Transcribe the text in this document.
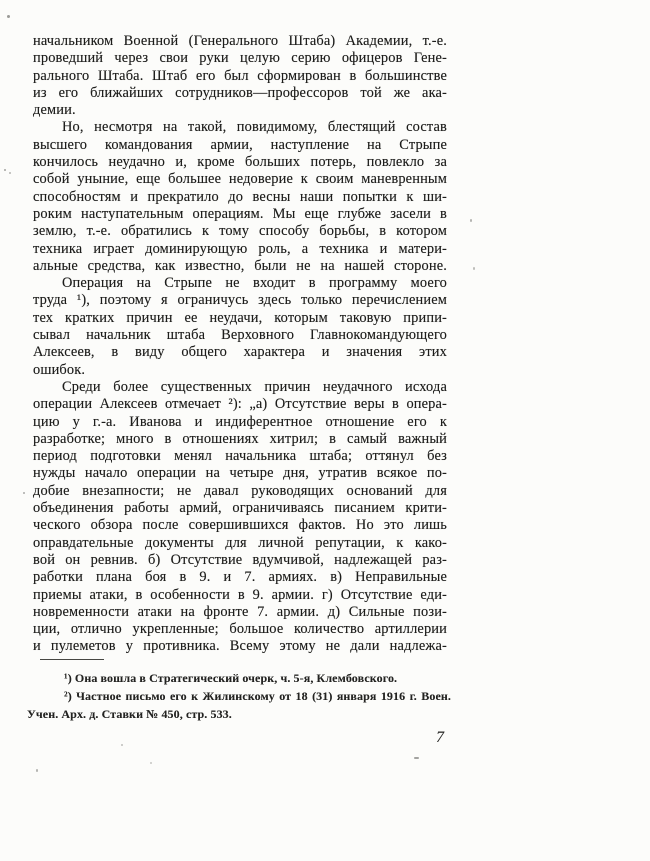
начальником Военной (Генерального Штаба) Академии, т.-е.
проведший через свои руки целую серию офицеров Гене-
рального Штаба. Штаб его был сформирован в большинстве
из его ближайших сотрудников—профессоров той же ака-
демии.
Но, несмотря на такой, повидимому, блестящий состав
высшего командования армии, наступление на Стрыпе
кончилось неудачно и, кроме больших потерь, повлекло за
собой уныние, еще большее недоверие к своим маневренным
способностям и прекратило до весны наши попытки к ши-
роким наступательным операциям. Мы еще глубже засели в
землю, т.-е. обратились к тому способу борьбы, в котором
техника играет доминирующую роль, а техника и матери-
альные средства, как известно, были не на нашей стороне.
Операция на Стрыпе не входит в программу моего
труда ¹), поэтому я ограничусь здесь только перечислением
тех кратких причин ее неудачи, которым таковую припи-
сывал начальник штаба Верховного Главнокомандующего
Алексеев, в виду общего характера и значения этих
ошибок.
Среди более существенных причин неудачного исхода
операции Алексеев отмечает ²): „а) Отсутствие веры в опера-
цию у г.-а. Иванова и индиферентное отношение его к
разработке; много в отношениях хитрил; в самый важный
период подготовки менял начальника штаба; оттянул без
нужды начало операции на четыре дня, утратив всякое по-
добие внезапности; не давал руководящих оснований для
объединения работы армий, ограничиваясь писанием крити-
ческого обзора после совершившихся фактов. Но это лишь
оправдательные документы для личной репутации, к како-
вой он ревнив. б) Отсутствие вдумчивой, надлежащей раз-
работки плана боя в 9. и 7. армиях. в) Неправильные
приемы атаки, в особенности в 9. армии. г) Отсутствие еди-
новременности атаки на фронте 7. армии. д) Сильные пози-
ции, отлично укрепленные; большое количество артиллерии
и пулеметов у противника. Всему этому не дали надлежа-
¹) Она вошла в Стратегический очерк, ч. 5-я, Клембовского.
²) Частное письмо его к Жилинскому от 18 (31) января 1916 г. Воен.
Учен. Арх. д. Ставки № 450, стр. 533.
7
